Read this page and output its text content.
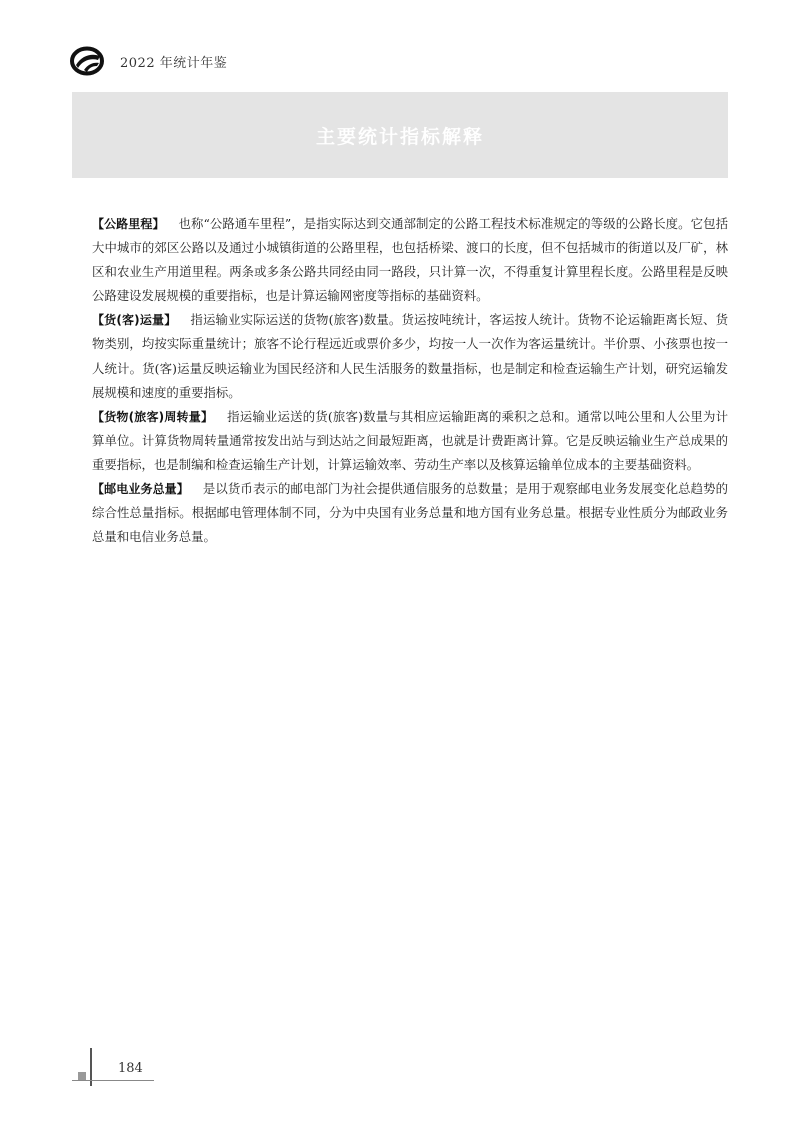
2022 年统计年鉴
主要统计指标解释

【公路里程】 也称“公路通车里程”，是指实际达到交通部制定的公路工程技术标准规定的等级的公路长度。它包括大中城市的郊区公路以及通过小城镇街道的公路里程，也包括桥梁、渡口的长度，但不包括城市的街道以及厂矿，林区和农业生产用道里程。两条或多条公路共同经由同一路段，只计算一次，不得重复计算里程长度。公路里程是反映公路建设发展规模的重要指标，也是计算运输网密度等指标的基础资料。

【货(客)运量】 指运输业实际运送的货物(旅客)数量。货运按吨统计，客运按人统计。货物不论运输距离长短、货物类别，均按实际重量统计；旅客不论行程远近或票价多少，均按一人一次作为客运量统计。半价票、小孩票也按一人统计。货(客)运量反映运输业为国民经济和人民生活服务的数量指标，也是制定和检查运输生产计划，研究运输发展规模和速度的重要指标。

【货物(旅客)周转量】 指运输业运送的货(旅客)数量与其相应运输距离的乘积之总和。通常以吨公里和人公里为计算单位。计算货物周转量通常按发出站与到达站之间最短距离，也就是计费距离计算。它是反映运输业生产总成果的重要指标，也是制编和检查运输生产计划，计算运输效率、劳动生产率以及核算运输单位成本的主要基础资料。

【邮电业务总量】 是以货币表示的邮电部门为社会提供通信服务的总数量；是用于观察邮电业务发展变化总趋势的综合性总量指标。根据邮电管理体制不同，分为中央国有业务总量和地方国有业务总量。根据专业性质分为邮政业务总量和电信业务总量。

184
